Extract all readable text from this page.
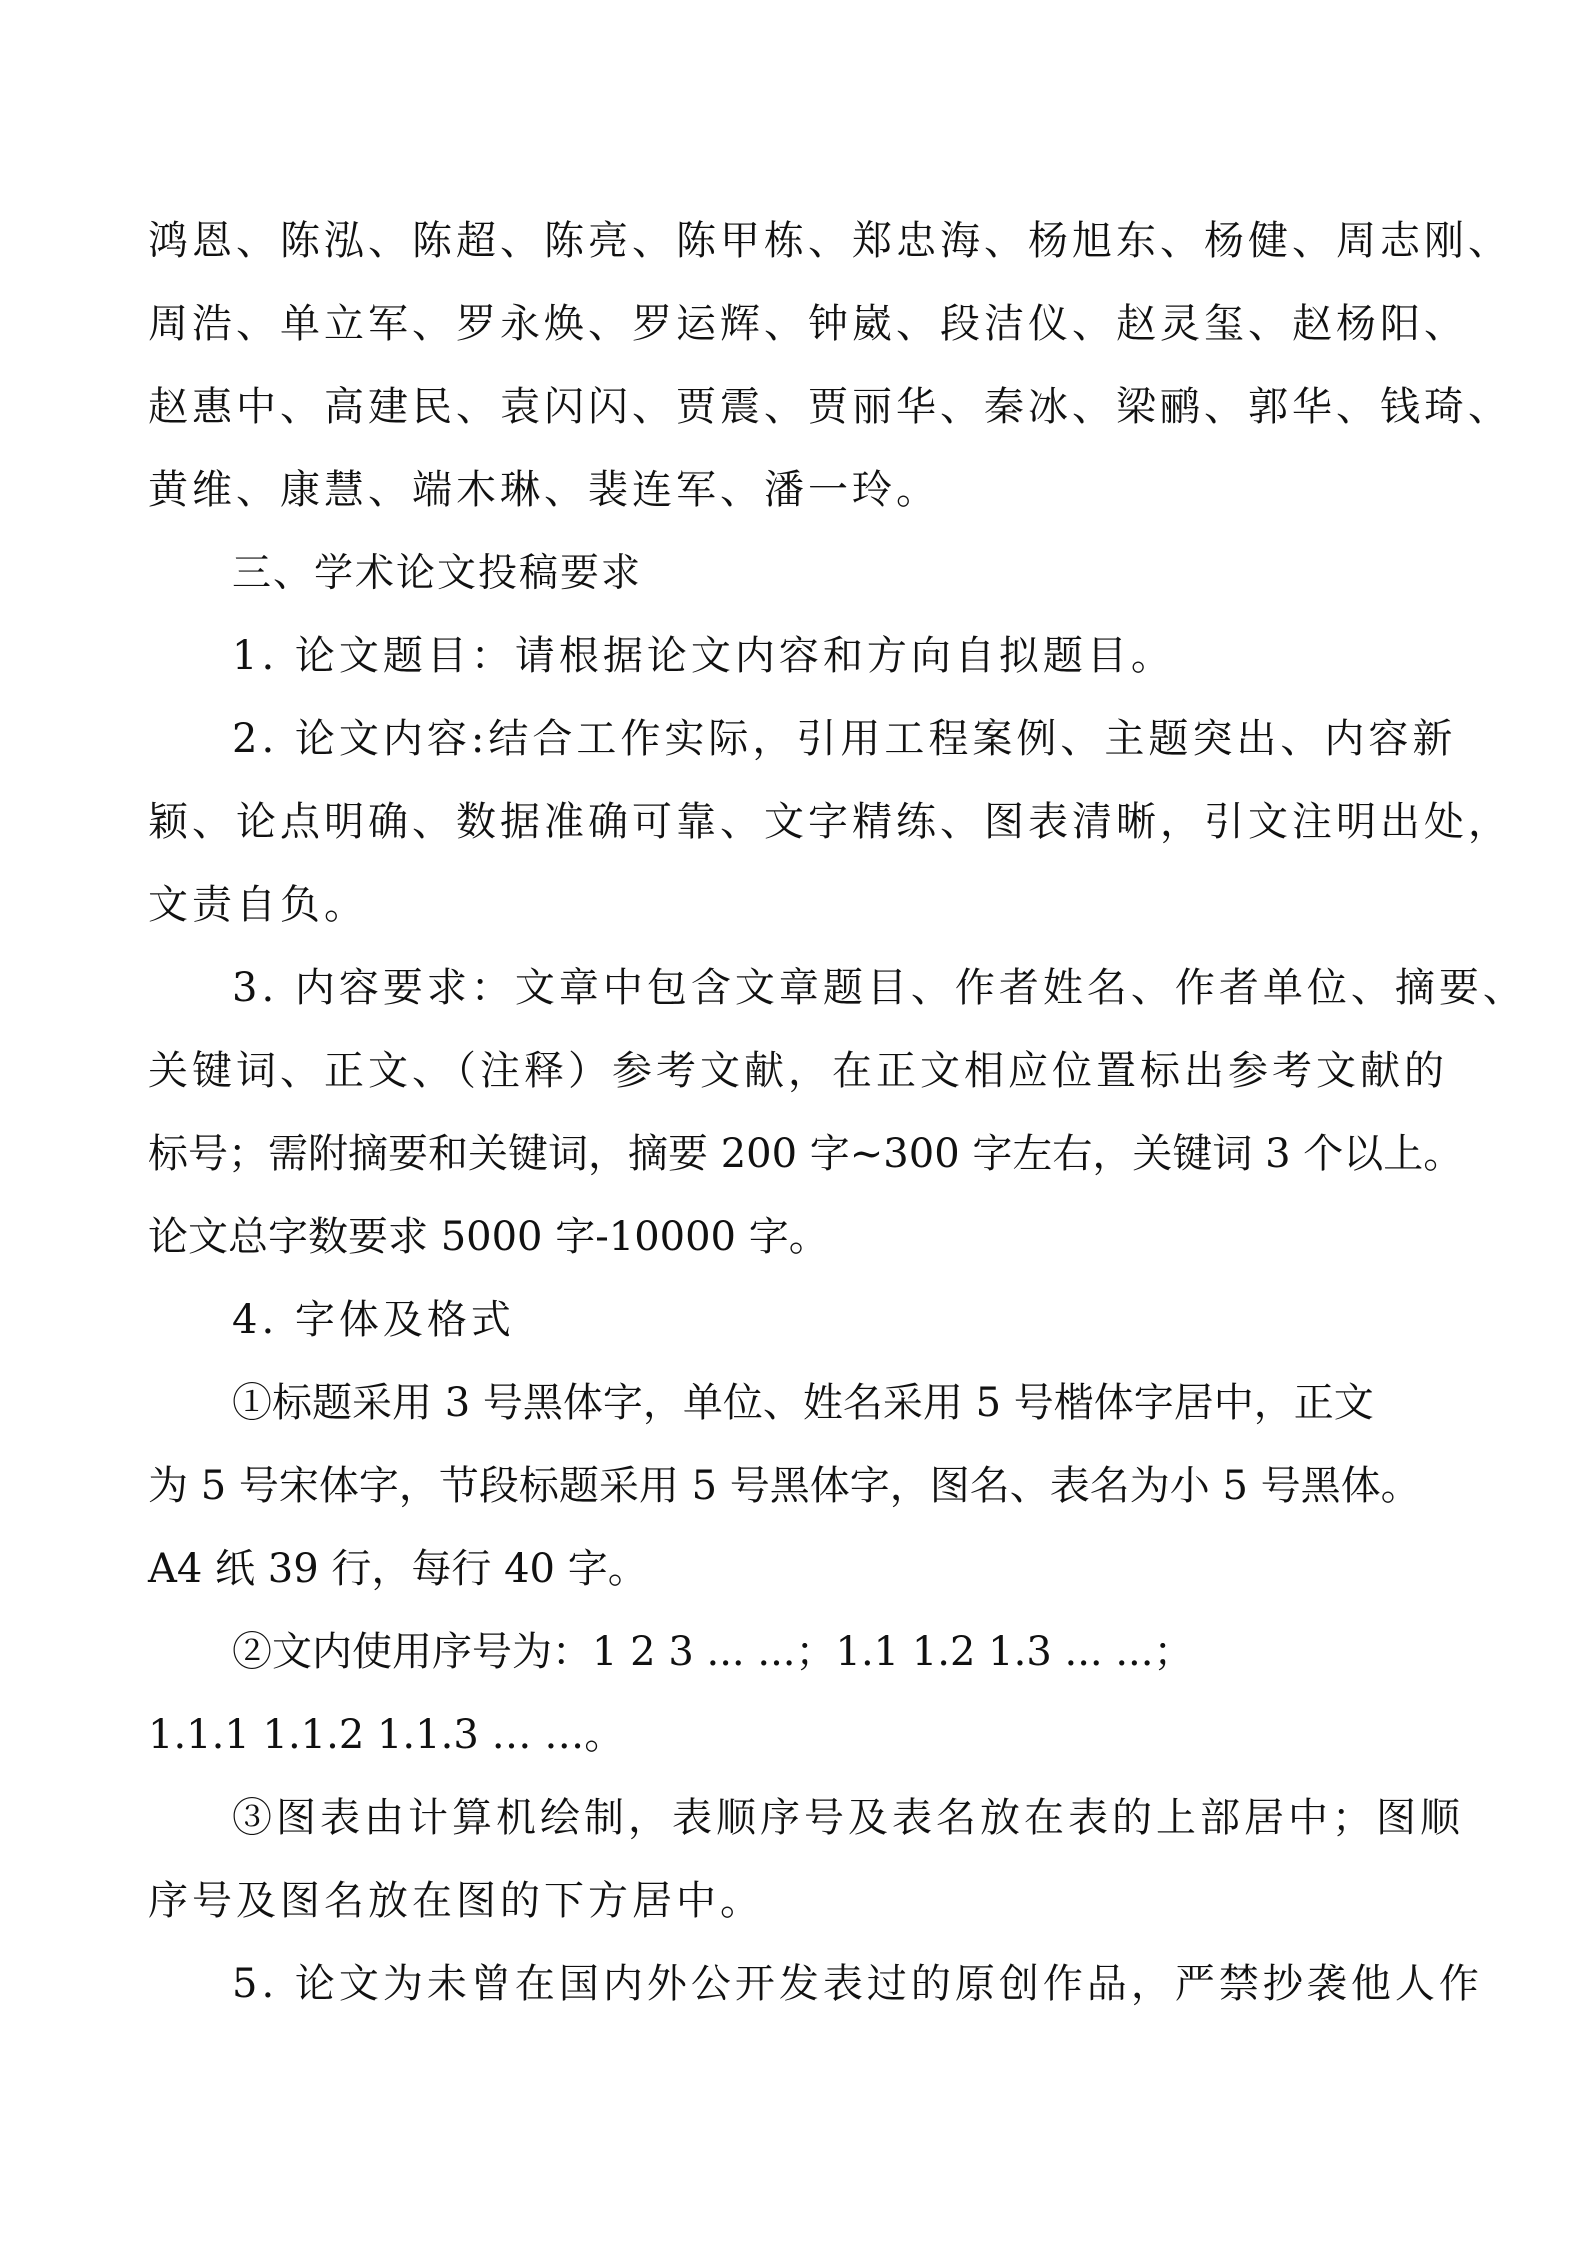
鸿恩、陈泓、陈超、陈亮、陈甲栋、郑忠海、杨旭东、杨健、周志刚、
周浩、单立军、罗永焕、罗运辉、钟崴、段洁仪、赵灵玺、赵杨阳、
赵惠中、高建民、袁闪闪、贾震、贾丽华、秦冰、梁鹂、郭华、钱琦、
黄维、康慧、端木琳、裴连军、潘一玲。
三、学术论文投稿要求
1. 论文题目：请根据论文内容和方向自拟题目。
2. 论文内容:结合工作实际，引用工程案例、主题突出、内容新
颖、论点明确、数据准确可靠、文字精练、图表清晰，引文注明出处，
文责自负。
3. 内容要求：文章中包含文章题目、作者姓名、作者单位、摘要、
关键词、正文、（注释）参考文献，在正文相应位置标出参考文献的
标号；需附摘要和关键词，摘要 200 字~300 字左右，关键词 3 个以上。
论文总字数要求 5000 字-10000 字。
4. 字体及格式
①标题采用 3 号黑体字，单位、姓名采用 5 号楷体字居中，正文
为 5 号宋体字，节段标题采用 5 号黑体字，图名、表名为小 5 号黑体。
A4 纸 39 行，每行 40 字。
②文内使用序号为：1 2 3 ... ...；1.1 1.2 1.3 ... ...；
1.1.1 1.1.2 1.1.3 … …。
③图表由计算机绘制，表顺序号及表名放在表的上部居中；图顺
序号及图名放在图的下方居中。
5. 论文为未曾在国内外公开发表过的原创作品，严禁抄袭他人作
